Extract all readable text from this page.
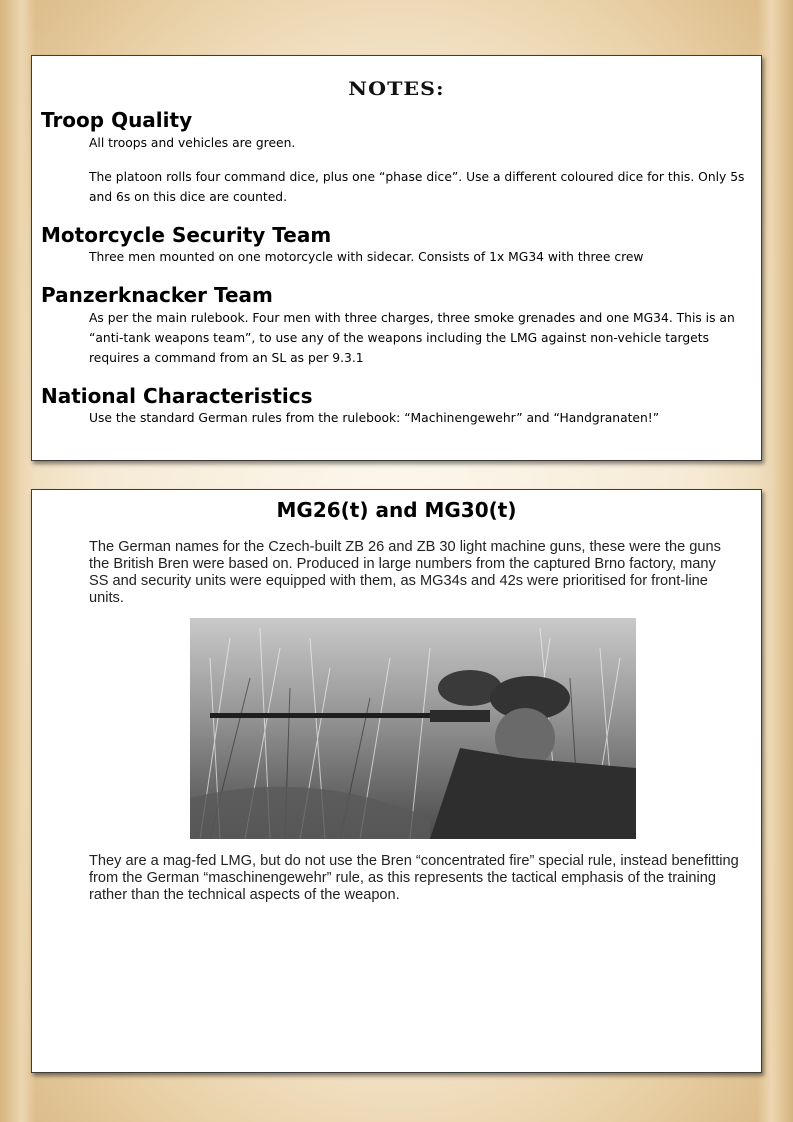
NOTES:
Troop Quality
All troops and vehicles are green.
The platoon rolls four command dice, plus one “phase dice”. Use a different coloured dice for this. Only 5s and 6s on this dice are counted.
Motorcycle Security Team
Three men mounted on one motorcycle with sidecar. Consists of 1x MG34 with three crew
Panzerknacker Team
As per the main rulebook. Four men with three charges, three smoke grenades and one MG34. This is an “anti-tank weapons team”, to use any of the weapons including the LMG against non-vehicle targets requires a command from an SL as per 9.3.1
National Characteristics
Use the standard German rules from the rulebook: “Machinengewehr” and “Handgranaten!”
MG26(t) and MG30(t)
The German names for the Czech-built ZB 26 and ZB 30 light machine guns, these were the guns the British Bren were based on. Produced in large numbers from the captured Brno factory, many SS and security units were equipped with them, as MG34s and 42s were prioritised for front-line units.
They are a mag-fed LMG, but do not use the Bren “concentrated fire” special rule, instead benefitting from the German “maschinengewehr” rule, as this represents the tactical emphasis of the training rather than the technical aspects of the weapon.
